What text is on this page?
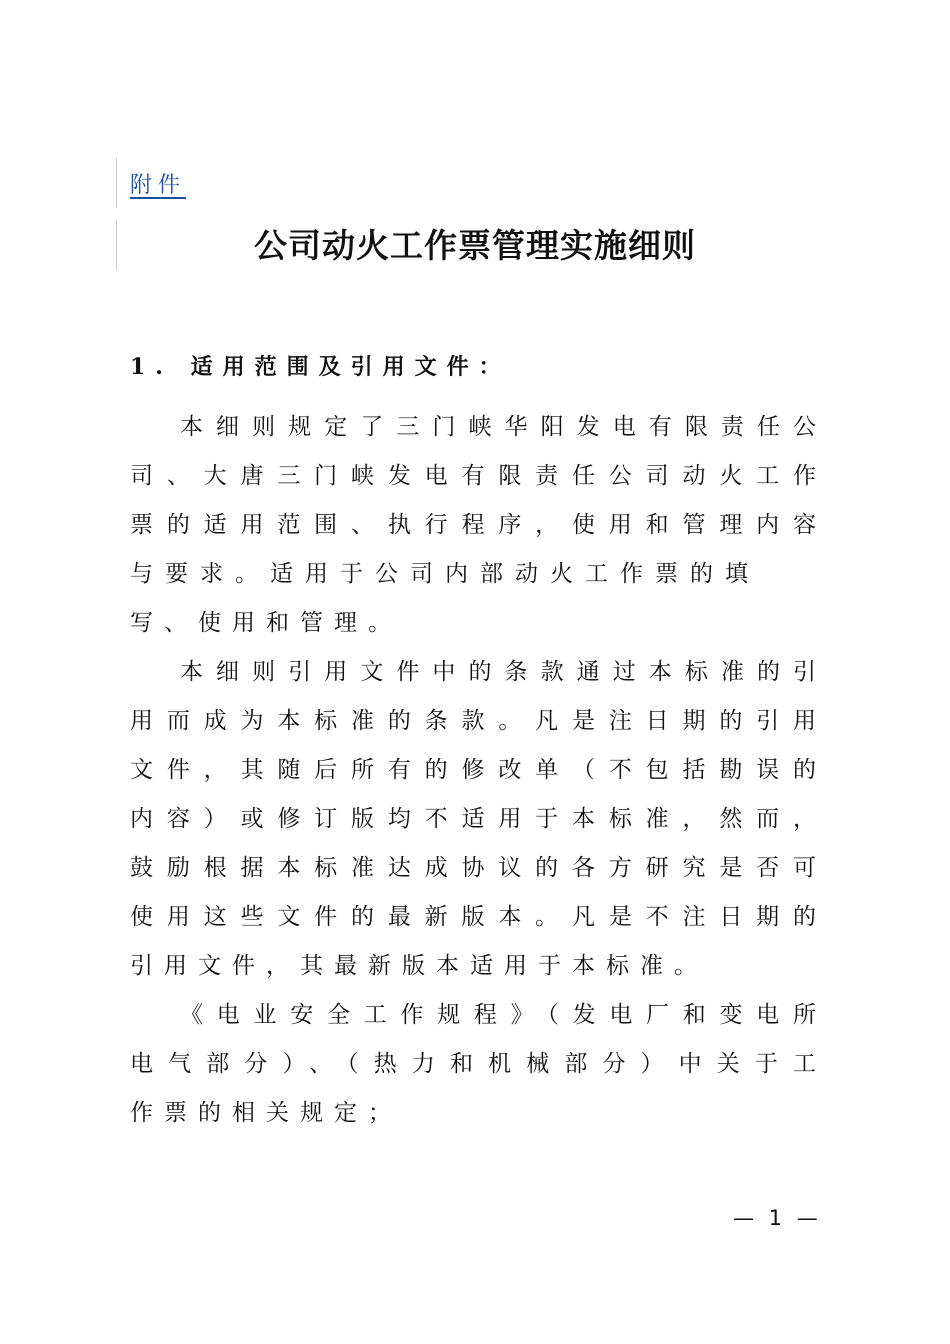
附件
公司动火工作票管理实施细则
1. 适用范围及引用文件：
本细则规定了三门峡华阳发电有限责任公
司、大唐三门峡发电有限责任公司动火工作
票的适用范围、执行程序，使用和管理内容
与要求。适用于公司内部动火工作票的填
写、使用和管理。
本细则引用文件中的条款通过本标准的引
用而成为本标准的条款。凡是注日期的引用
文件，其随后所有的修改单（不包括勘误的
内容）或修订版均不适用于本标准，然而，
鼓励根据本标准达成协议的各方研究是否可
使用这些文件的最新版本。凡是不注日期的
引用文件，其最新版本适用于本标准。
《电业安全工作规程》（发电厂和变电所
电气部分）、（热力和机械部分）中关于工
作票的相关规定；
— 1 —
